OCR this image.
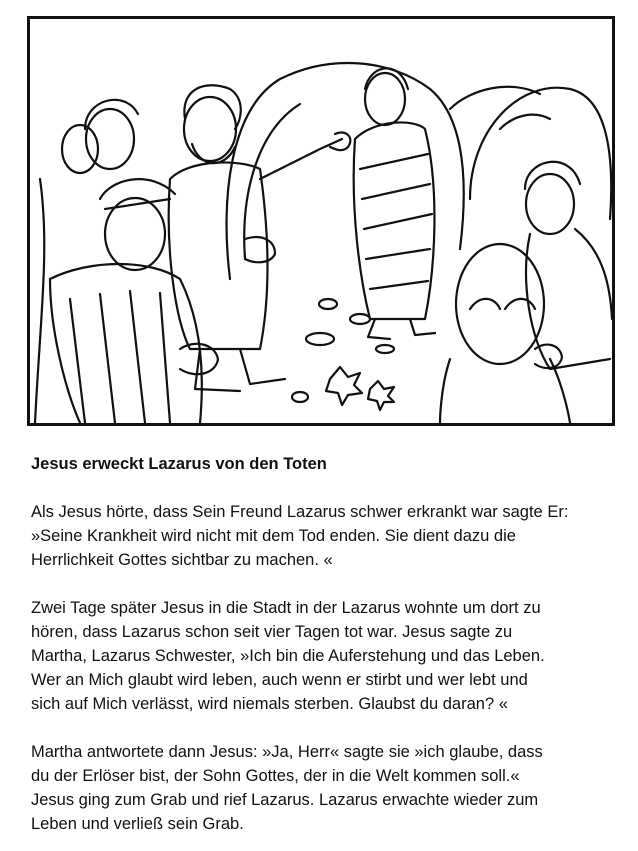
Jesus erweckt Lazarus von den Toten

Als Jesus hörte, dass Sein Freund Lazarus schwer erkrankt war sagte Er:
»Seine Krankheit wird nicht mit dem Tod enden. Sie dient dazu die
Herrlichkeit Gottes sichtbar zu machen. «

Zwei Tage später Jesus in die Stadt in der Lazarus wohnte um dort zu
hören, dass Lazarus schon seit vier Tagen tot war. Jesus sagte zu
Martha, Lazarus Schwester, »Ich bin die Auferstehung und das Leben.
Wer an Mich glaubt wird leben, auch wenn er stirbt und wer lebt und
sich auf Mich verlässt, wird niemals sterben. Glaubst du daran? «

Martha antwortete dann Jesus: »Ja, Herr« sagte sie »ich glaube, dass
du der Erlöser bist, der Sohn Gottes, der in die Welt kommen soll.«
Jesus ging zum Grab und rief Lazarus. Lazarus erwachte wieder zum
Leben und verließ sein Grab.
